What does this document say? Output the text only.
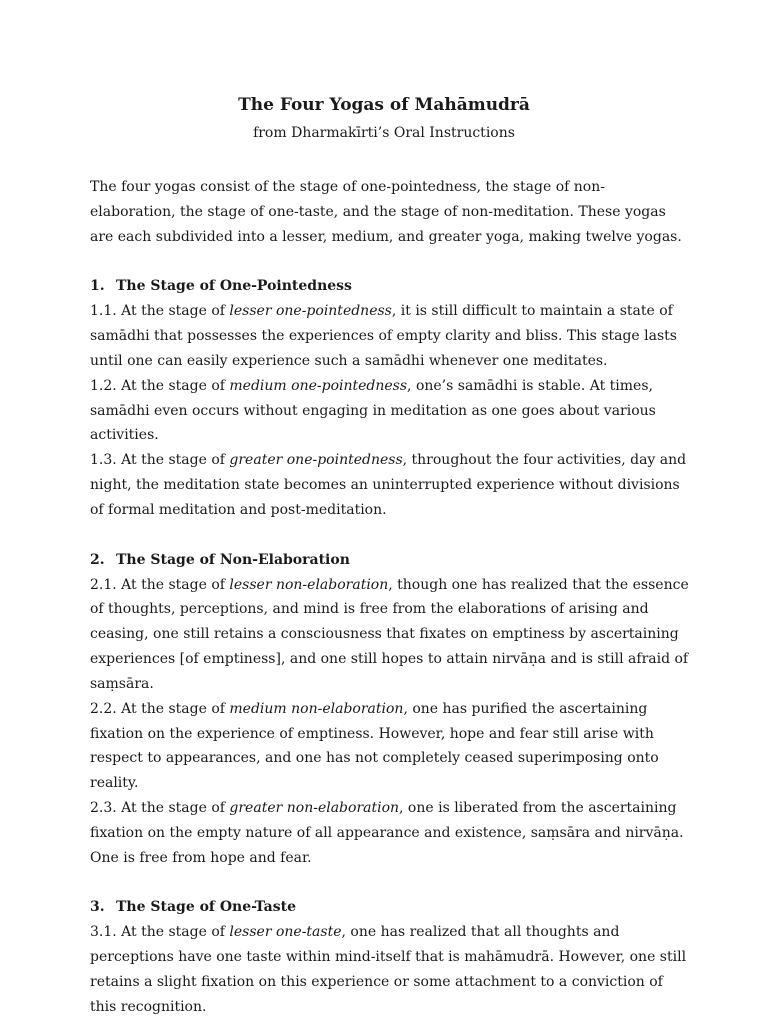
The Four Yogas of Mahāmudrā
from Dharmakīrti’s Oral Instructions

The four yogas consist of the stage of one-pointedness, the stage of non-elaboration, the stage of one-taste, and the stage of non-meditation. These yogas are each subdivided into a lesser, medium, and greater yoga, making twelve yogas.

1. The Stage of One-Pointedness

1.1. At the stage of lesser one-pointedness, it is still difficult to maintain a state of samādhi that possesses the experiences of empty clarity and bliss. This stage lasts until one can easily experience such a samādhi whenever one meditates.

1.2. At the stage of medium one-pointedness, one’s samādhi is stable. At times, samādhi even occurs without engaging in meditation as one goes about various activities.

1.3. At the stage of greater one-pointedness, throughout the four activities, day and night, the meditation state becomes an uninterrupted experience without divisions of formal meditation and post-meditation.

2. The Stage of Non-Elaboration

2.1. At the stage of lesser non-elaboration, though one has realized that the essence of thoughts, perceptions, and mind is free from the elaborations of arising and ceasing, one still retains a consciousness that fixates on emptiness by ascertaining experiences [of emptiness], and one still hopes to attain nirvāṇa and is still afraid of saṃsāra.

2.2. At the stage of medium non-elaboration, one has purified the ascertaining fixation on the experience of emptiness. However, hope and fear still arise with respect to appearances, and one has not completely ceased superimposing onto reality.

2.3. At the stage of greater non-elaboration, one is liberated from the ascertaining fixation on the empty nature of all appearance and existence, saṃsāra and nirvāṇa. One is free from hope and fear.

3. The Stage of One-Taste

3.1. At the stage of lesser one-taste, one has realized that all thoughts and perceptions have one taste within mind-itself that is mahāmudrā. However, one still retains a slight fixation on this experience or some attachment to a conviction of this recognition.
